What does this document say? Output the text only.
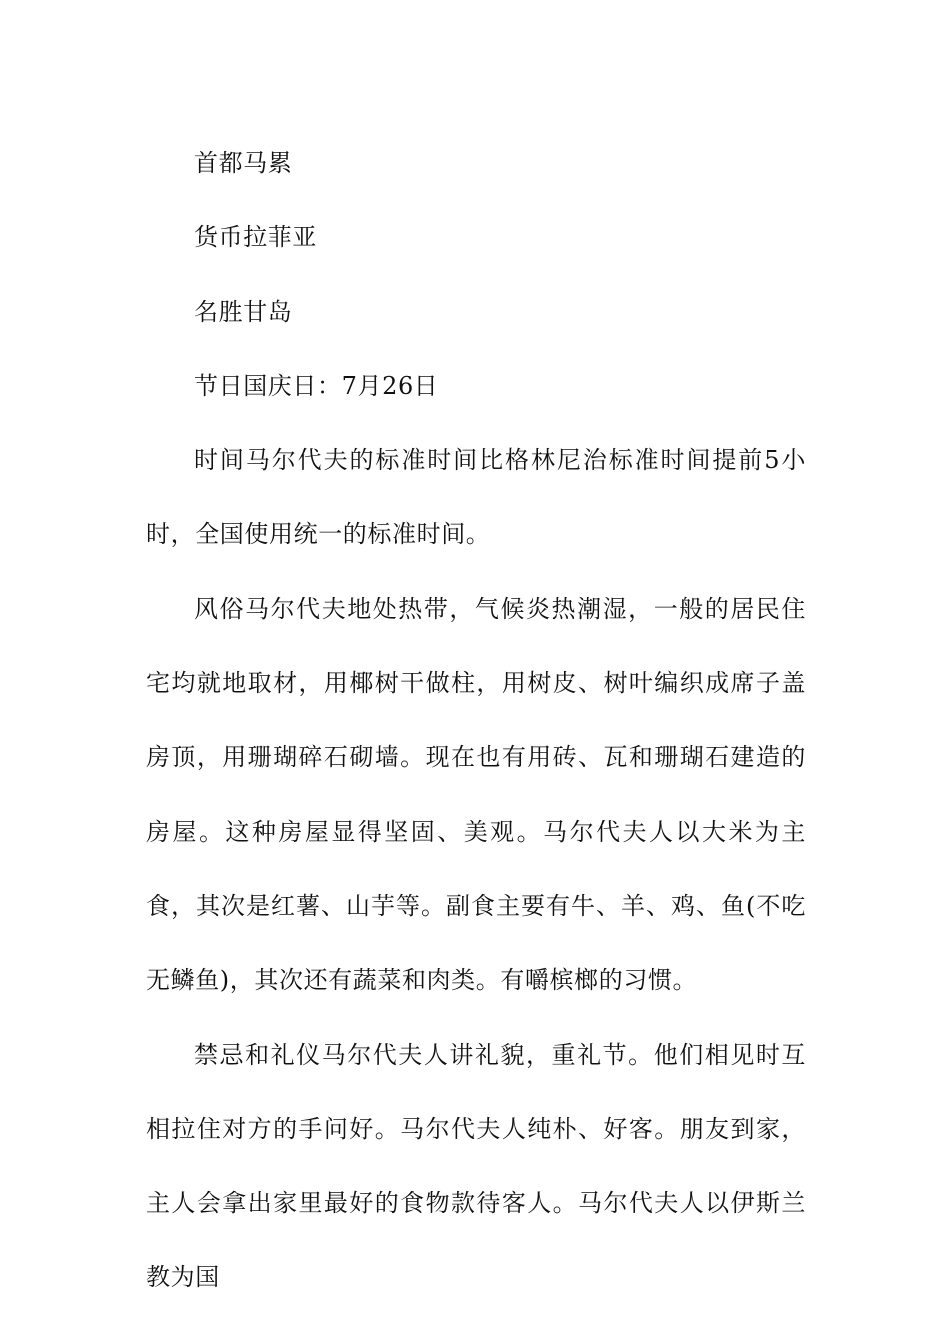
首都马累

货币拉菲亚

名胜甘岛

节日国庆日：7月26日

时间马尔代夫的标准时间比格林尼治标准时间提前5小时，全国使用统一的标准时间。

风俗马尔代夫地处热带，气候炎热潮湿，一般的居民住宅均就地取材，用椰树干做柱，用树皮、树叶编织成席子盖房顶，用珊瑚碎石砌墙。现在也有用砖、瓦和珊瑚石建造的房屋。这种房屋显得坚固、美观。马尔代夫人以大米为主食，其次是红薯、山芋等。副食主要有牛、羊、鸡、鱼(不吃无鳞鱼)，其次还有蔬菜和肉类。有嚼槟榔的习惯。

禁忌和礼仪马尔代夫人讲礼貌，重礼节。他们相见时互相拉住对方的手问好。马尔代夫人纯朴、好客。朋友到家，主人会拿出家里最好的食物款待客人。马尔代夫人以伊斯兰教为国
